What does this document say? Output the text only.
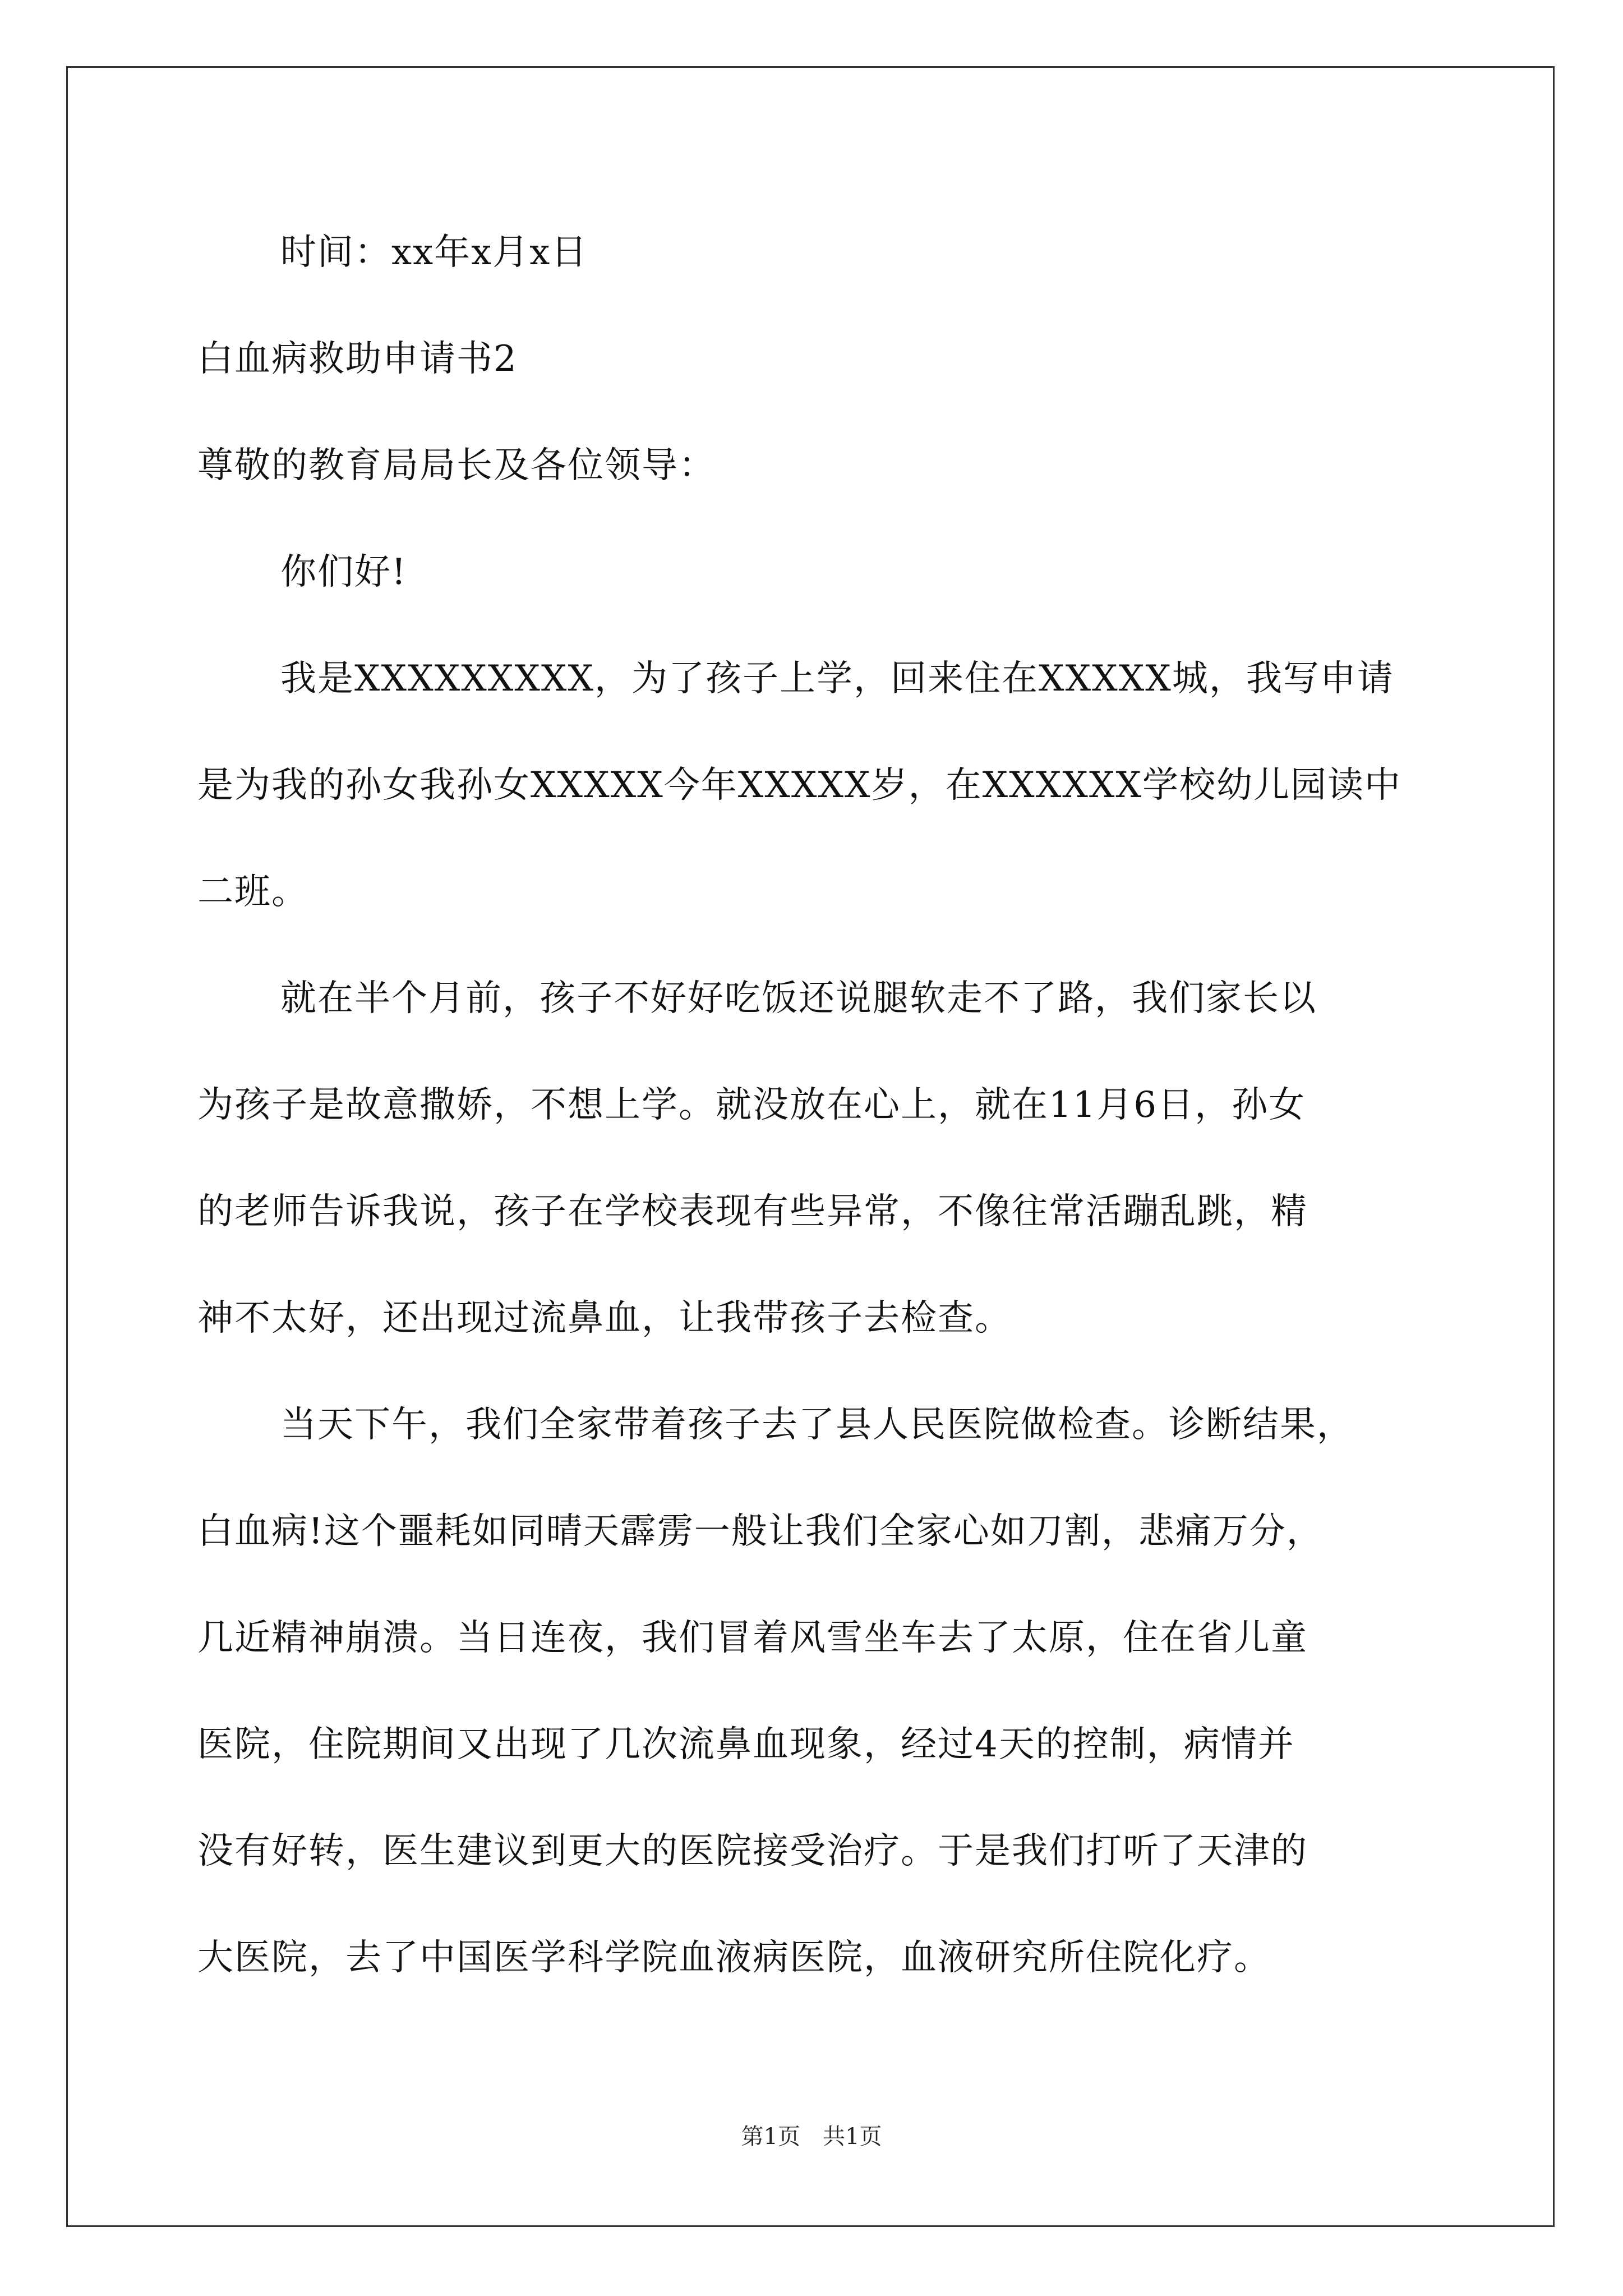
时间：xx年x月x日
白血病救助申请书2
尊敬的教育局局长及各位领导：
你们好!
我是XXXXXXXXX，为了孩子上学，回来住在XXXXX城，我写申请
是为我的孙女我孙女XXXXX今年XXXXX岁，在XXXXXX学校幼儿园读中
二班。
就在半个月前，孩子不好好吃饭还说腿软走不了路，我们家长以
为孩子是故意撒娇，不想上学。就没放在心上，就在11月6日，孙女
的老师告诉我说，孩子在学校表现有些异常，不像往常活蹦乱跳，精
神不太好，还出现过流鼻血，让我带孩子去检查。
当天下午，我们全家带着孩子去了县人民医院做检查。诊断结果，
白血病!这个噩耗如同晴天霹雳一般让我们全家心如刀割，悲痛万分，
几近精神崩溃。当日连夜，我们冒着风雪坐车去了太原，住在省儿童
医院，住院期间又出现了几次流鼻血现象，经过4天的控制，病情并
没有好转，医生建议到更大的医院接受治疗。于是我们打听了天津的
大医院，去了中国医学科学院血液病医院，血液研究所住院化疗。
第1页 共1页
